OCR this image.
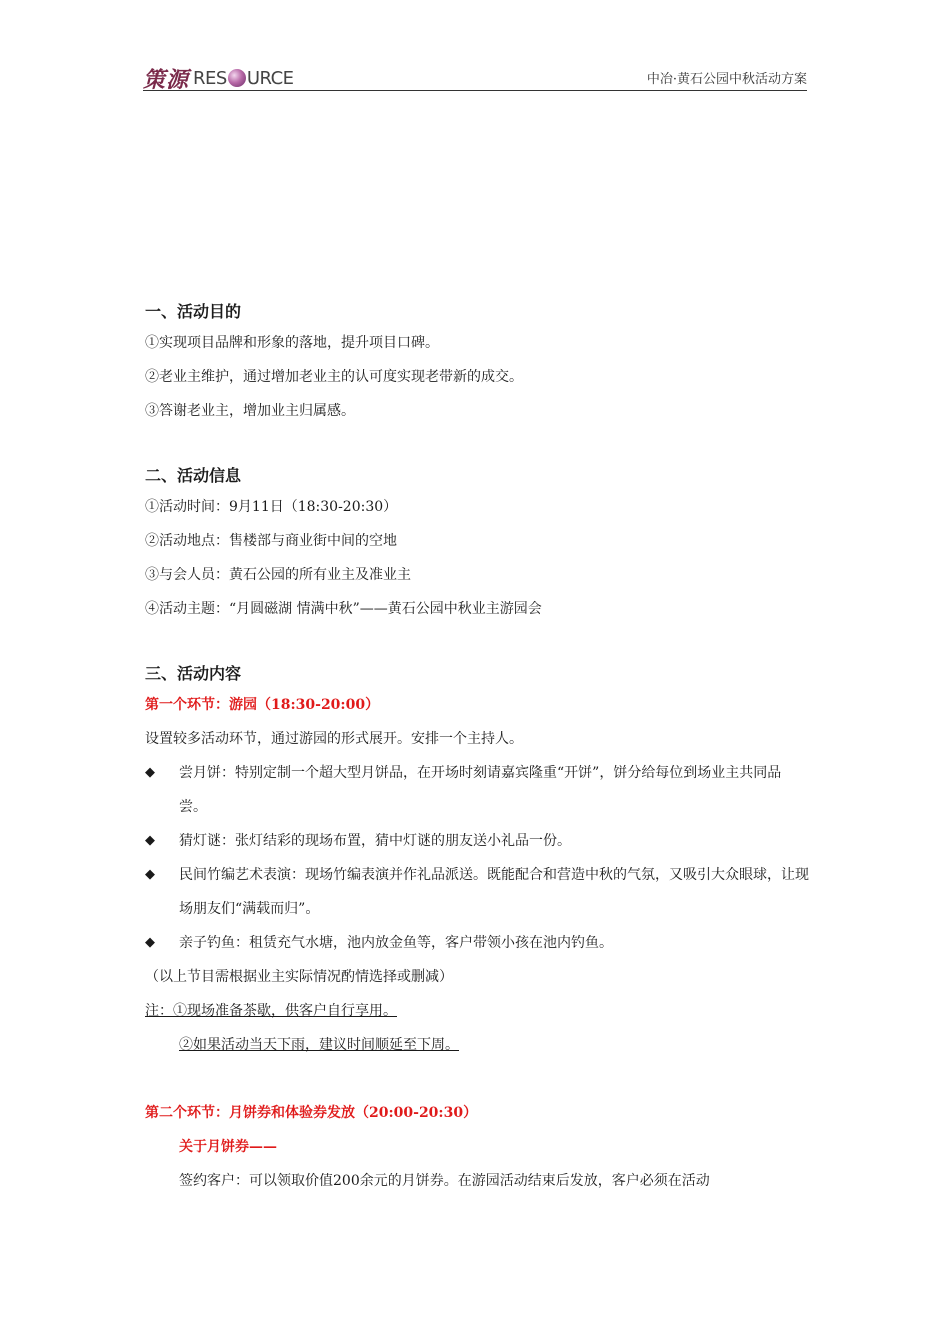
策源 RES URCE	中冶·黄石公园中秋活动方案
一、活动目的
①实现项目品牌和形象的落地，提升项目口碑。
②老业主维护，通过增加老业主的认可度实现老带新的成交。
③答谢老业主，增加业主归属感。
二、活动信息
①活动时间：9月11日（18:30-20:30）
②活动地点：售楼部与商业街中间的空地
③与会人员：黄石公园的所有业主及准业主
④活动主题：“月圆磁湖 情满中秋”——黄石公园中秋业主游园会
三、活动内容
第一个环节：游园（18:30-20:00）
设置较多活动环节，通过游园的形式展开。安排一个主持人。
◆	尝月饼：特别定制一个超大型月饼品，在开场时刻请嘉宾隆重“开饼”，饼分给每位到场业主共同品尝。
◆	猜灯谜：张灯结彩的现场布置，猜中灯谜的朋友送小礼品一份。
◆	民间竹编艺术表演：现场竹编表演并作礼品派送。既能配合和营造中秋的气氛，又吸引大众眼球，让现场朋友们“满载而归”。
◆	亲子钓鱼：租赁充气水塘，池内放金鱼等，客户带领小孩在池内钓鱼。
（以上节目需根据业主实际情况酌情选择或删减）
注：①现场准备茶歇，供客户自行享用。
②如果活动当天下雨，建议时间顺延至下周。
第二个环节：月饼券和体验券发放（20:00-20:30）
关于月饼券——
签约客户：可以领取价值200余元的月饼券。在游园活动结束后发放，客户必须在活动
